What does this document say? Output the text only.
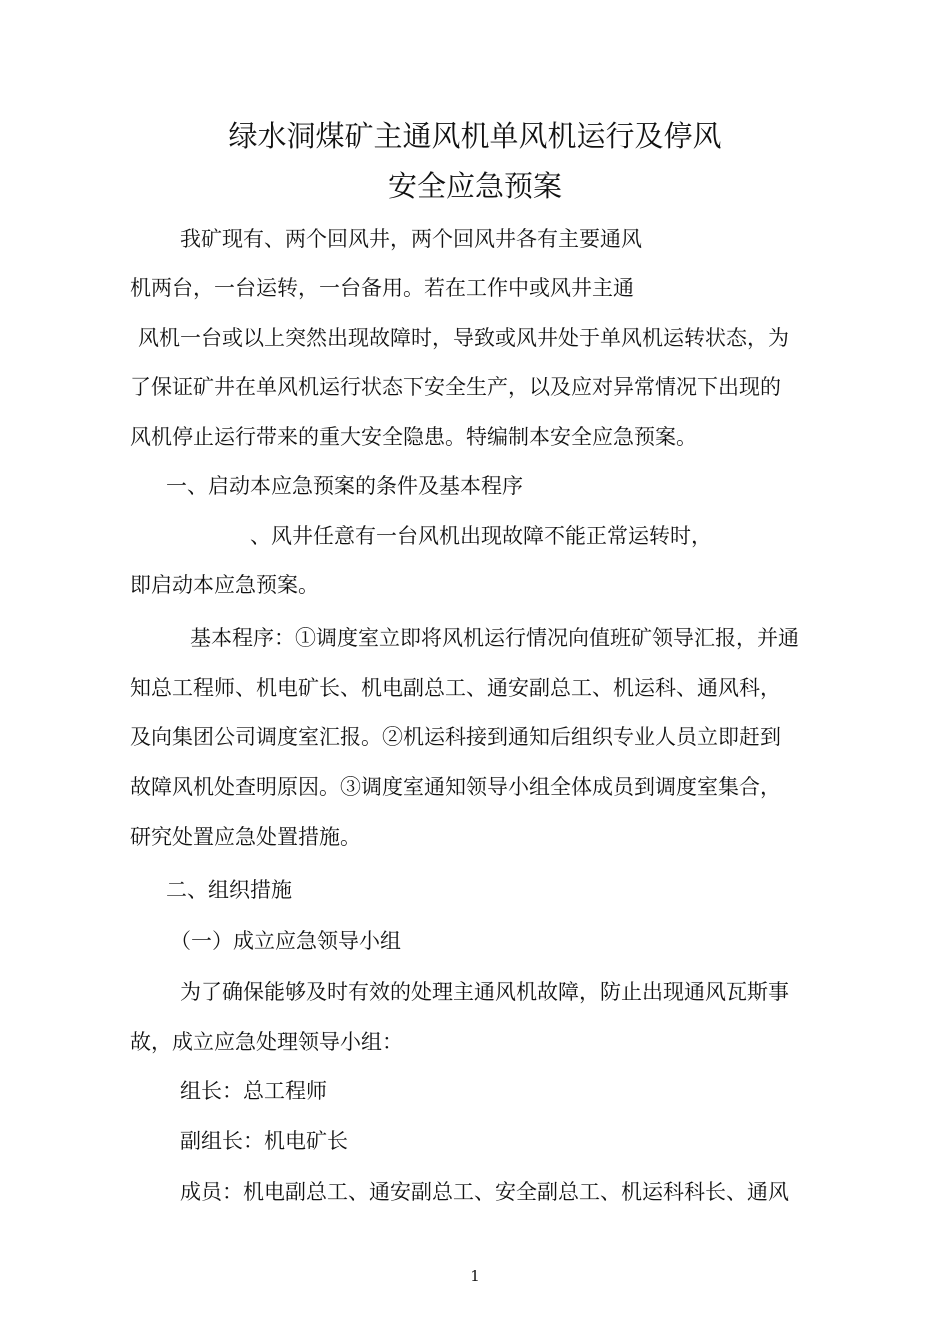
绿水洞煤矿主通风机单风机运行及停风
安全应急预案
我矿现有、两个回风井，两个回风井各有主要通风
机两台，一台运转，一台备用。若在工作中或风井主通
风机一台或以上突然出现故障时，导致或风井处于单风机运转状态，为
了保证矿井在单风机运行状态下安全生产，以及应对异常情况下出现的
风机停止运行带来的重大安全隐患。特编制本安全应急预案。
一、启动本应急预案的条件及基本程序
、风井任意有一台风机出现故障不能正常运转时，
即启动本应急预案。
基本程序：①调度室立即将风机运行情况向值班矿领导汇报，并通
知总工程师、机电矿长、机电副总工、通安副总工、机运科、通风科，
及向集团公司调度室汇报。②机运科接到通知后组织专业人员立即赶到
故障风机处查明原因。③调度室通知领导小组全体成员到调度室集合，
研究处置应急处置措施。
二、组织措施
（一）成立应急领导小组
为了确保能够及时有效的处理主通风机故障，防止出现通风瓦斯事
故，成立应急处理领导小组：
组长：总工程师
副组长：机电矿长
成员：机电副总工、通安副总工、安全副总工、机运科科长、通风
1
